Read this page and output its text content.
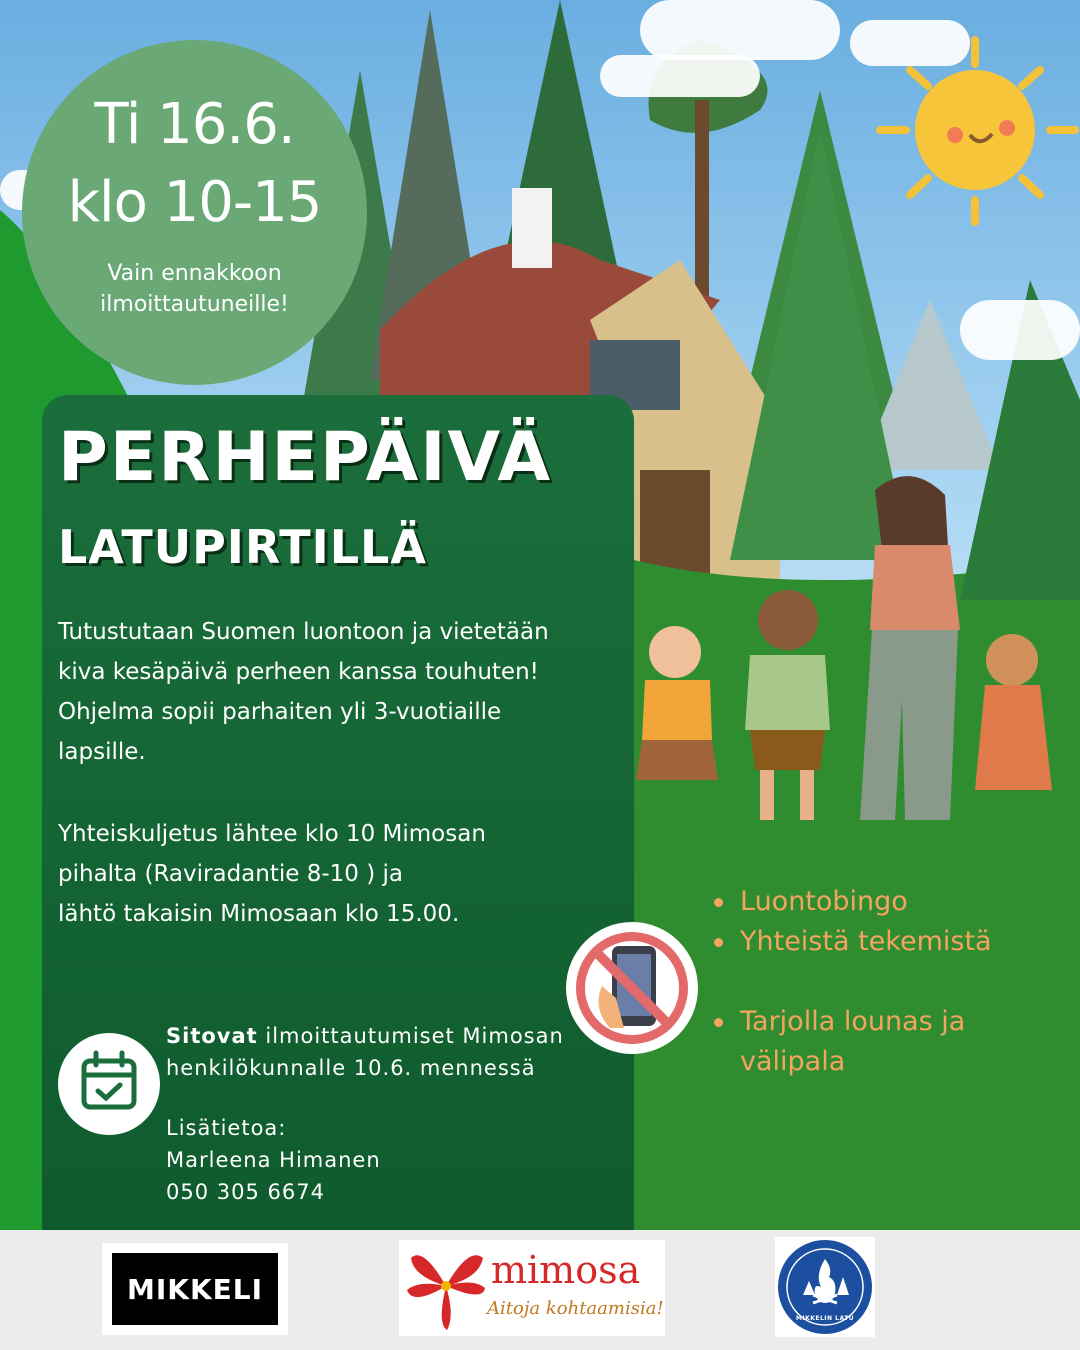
Ti 16.6.
klo 10-15
Vain ennakkoon
ilmoittautuneille!
PERHEPÄIVÄ
LATUPIRTILLÄ
Tutustutaan Suomen luontoon ja vietetään
kiva kesäpäivä perheen kanssa touhuten!
Ohjelma sopii parhaiten yli 3-vuotiaille
lapsille.
Yhteiskuljetus lähtee klo 10 Mimosan
pihalta (Raviradantie 8-10 ) ja
lähtö takaisin Mimosaan klo 15.00.
Sitovat ilmoittautumiset Mimosan
henkilökunnalle 10.6. mennessä
Lisätietoa:
Marleena Himanen
050 305 6674
Luontobingo
Yhteistä tekemistä
Tarjolla lounas ja
välipala
MIKKELI	mimosa
Aitoja kohtaamisia!	MIKKELIN LATU
